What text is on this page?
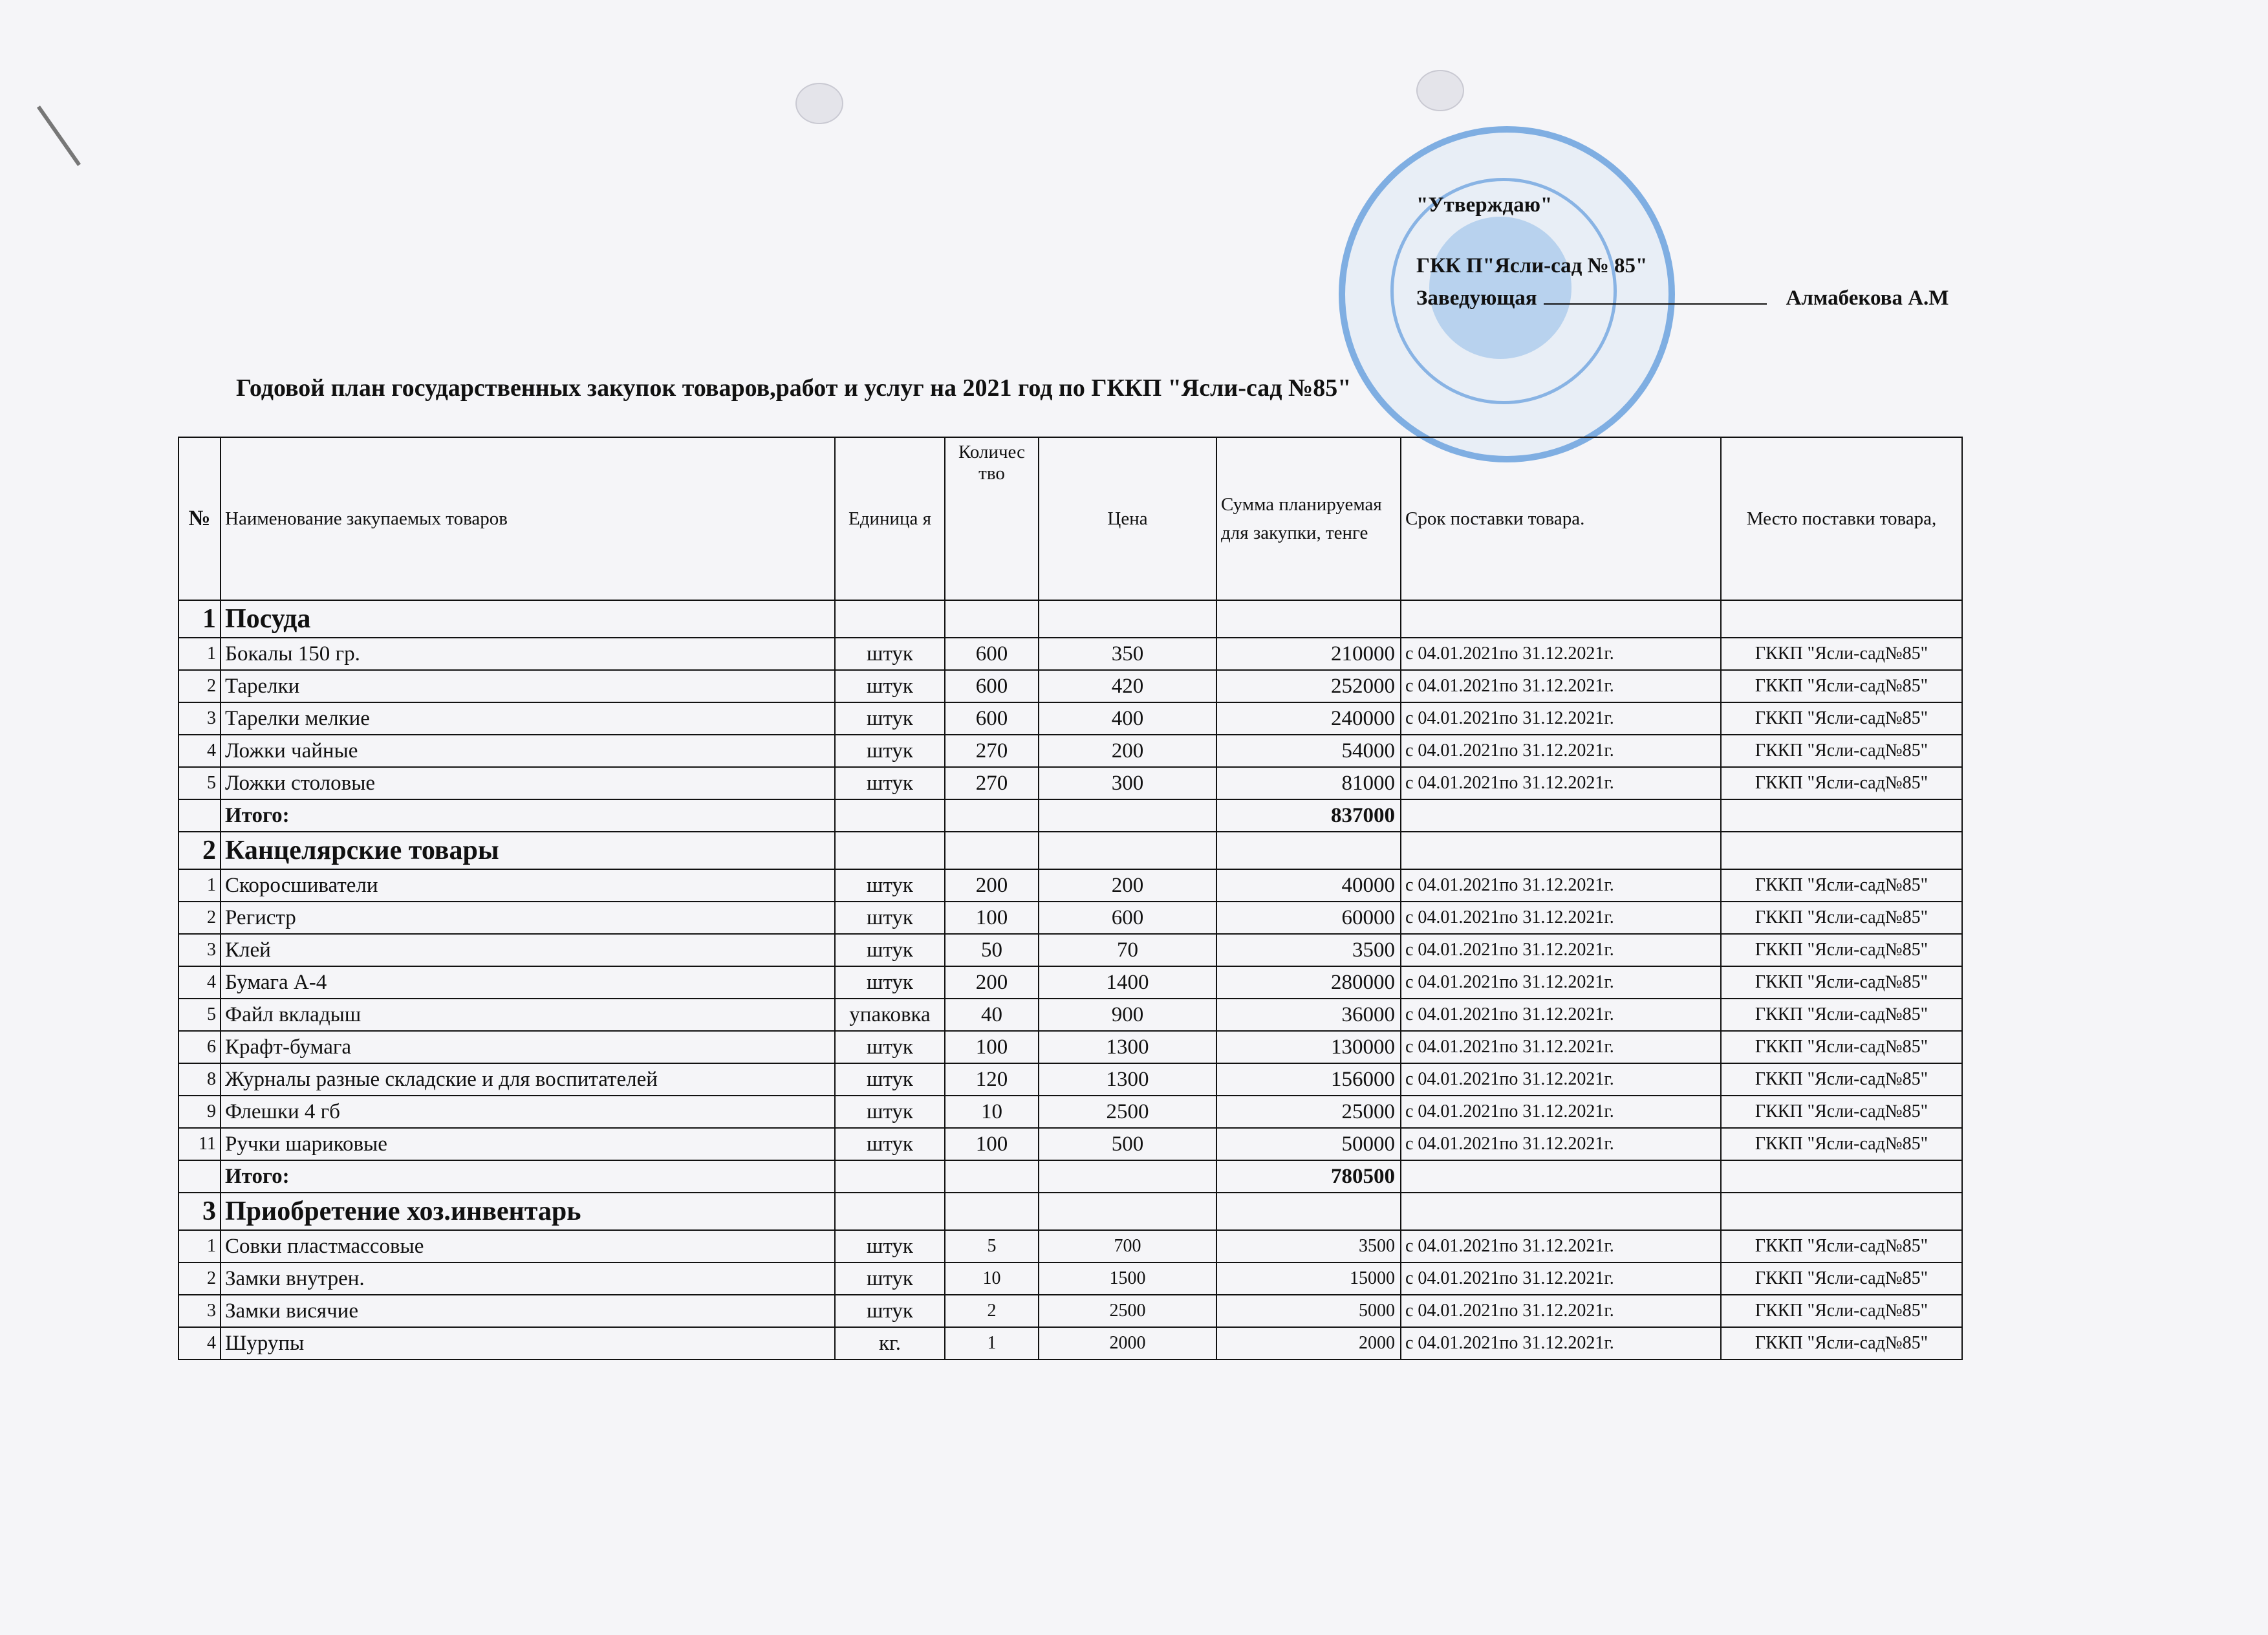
"Утверждаю"
ГКК П"Ясли-сад № 85"
Заведующая	Алмабекова А.М
Годовой план государственных закупок товаров,работ и услуг на 2021 год по ГККП "Ясли-сад №85"
№	Наименование закупаемых товаров	Единица я	Количес тво	Цена	Сумма планируемая для закупки, тенге	Срок поставки товара.	Место поставки товара,
1	Посуда						
1	Бокалы 150 гр.	штук	600	350	210000	с 04.01.2021по 31.12.2021г.	ГККП "Ясли-сад№85"
2	Тарелки	штук	600	420	252000	с 04.01.2021по 31.12.2021г.	ГККП "Ясли-сад№85"
3	Тарелки мелкие	штук	600	400	240000	с 04.01.2021по 31.12.2021г.	ГККП "Ясли-сад№85"
4	Ложки чайные	штук	270	200	54000	с 04.01.2021по 31.12.2021г.	ГККП "Ясли-сад№85"
5	Ложки столовые	штук	270	300	81000	с 04.01.2021по 31.12.2021г.	ГККП "Ясли-сад№85"
	Итого:				837000		
2	Канцелярские товары						
1	Скоросшиватели	штук	200	200	40000	с 04.01.2021по 31.12.2021г.	ГККП "Ясли-сад№85"
2	Регистр	штук	100	600	60000	с 04.01.2021по 31.12.2021г.	ГККП "Ясли-сад№85"
3	Клей	штук	50	70	3500	с 04.01.2021по 31.12.2021г.	ГККП "Ясли-сад№85"
4	Бумага А-4	штук	200	1400	280000	с 04.01.2021по 31.12.2021г.	ГККП "Ясли-сад№85"
5	Файл вкладыш	упаковка	40	900	36000	с 04.01.2021по 31.12.2021г.	ГККП "Ясли-сад№85"
6	Крафт-бумага	штук	100	1300	130000	с 04.01.2021по 31.12.2021г.	ГККП "Ясли-сад№85"
8	Журналы разные складские и для воспитателей	штук	120	1300	156000	с 04.01.2021по 31.12.2021г.	ГККП "Ясли-сад№85"
9	Флешки 4 гб	штук	10	2500	25000	с 04.01.2021по 31.12.2021г.	ГККП "Ясли-сад№85"
11	Ручки шариковые	штук	100	500	50000	с 04.01.2021по 31.12.2021г.	ГККП "Ясли-сад№85"
	Итого:				780500		
3	Приобретение хоз.инвентарь						
1	Совки пластмассовые	штук	5	700	3500	с 04.01.2021по 31.12.2021г.	ГККП "Ясли-сад№85"
2	Замки внутрен.	штук	10	1500	15000	с 04.01.2021по 31.12.2021г.	ГККП "Ясли-сад№85"
3	Замки висячие	штук	2	2500	5000	с 04.01.2021по 31.12.2021г.	ГККП "Ясли-сад№85"
4	Шурупы	кг.	1	2000	2000	с 04.01.2021по 31.12.2021г.	ГККП "Ясли-сад№85"
